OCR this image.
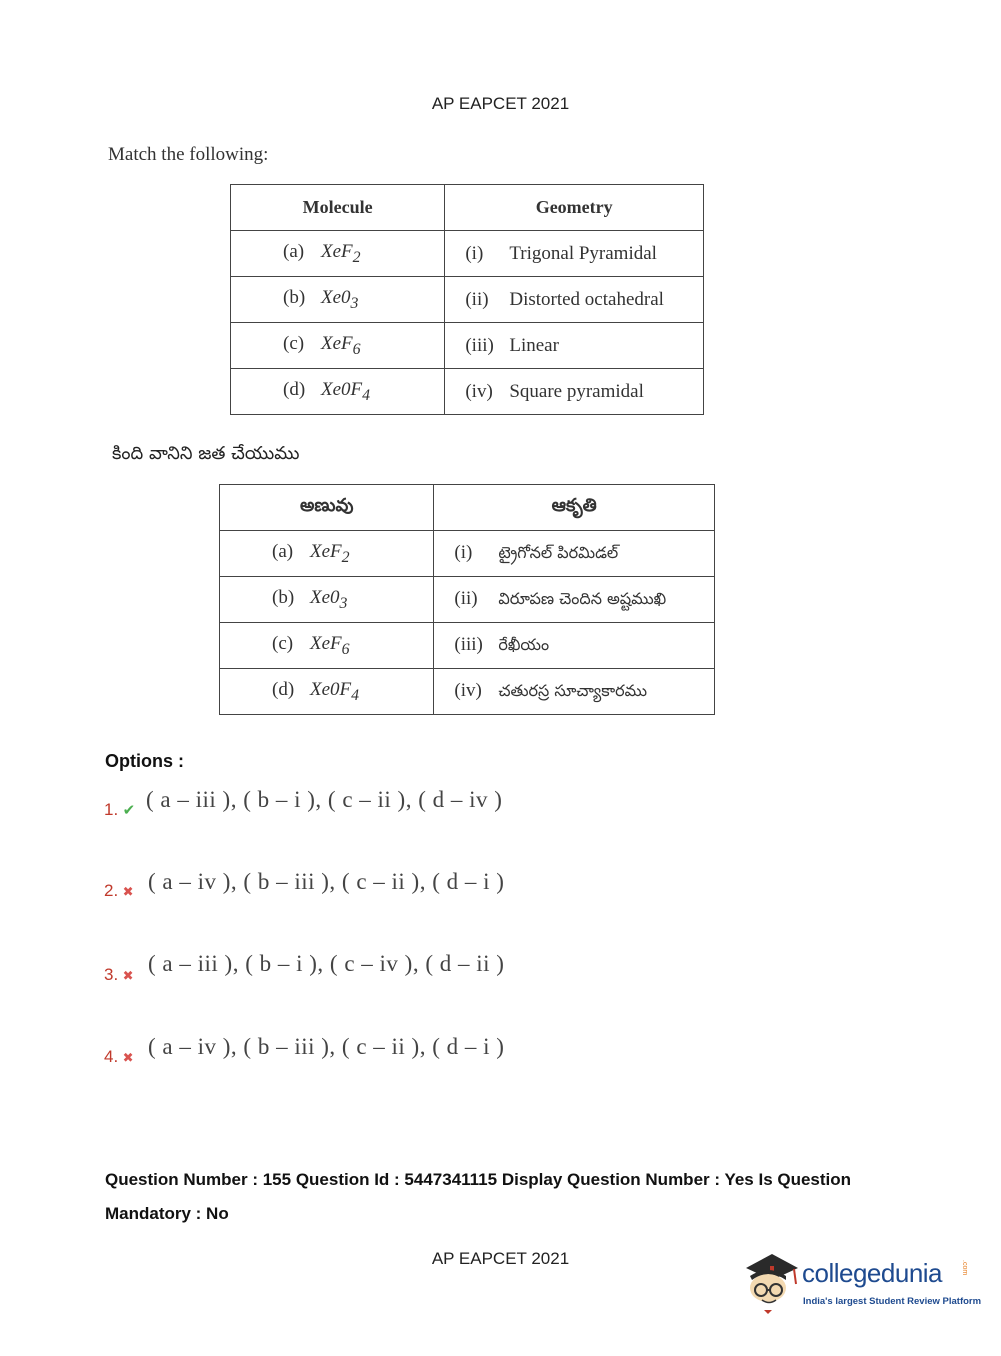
AP EAPCET 2021
Match the following:
Molecule	Geometry
(a) XeF$_2$	(i) Trigonal Pyramidal
(b) $Xe0_3$	(ii) Distorted octahedral
(c) XeF$_6$	(iii) Linear
(d) $Xe0F_4$	(iv) Square pyramidal
కింది వానిని జత చేయుము
అణువు	ఆకృతి
(a) XeF$_2$	(i) ట్రైగోనల్ పిరమిడల్
(b) $Xe0_3$	(ii) విరూపణ చెందిన అష్టముఖి
(c) XeF$_6$	(iii) రేఖీయం
(d) $Xe0F_4$	(iv) చతురస్ర సూచ్యాకారము
Options :
1. ✔ ( a – iii ), ( b – i ), ( c – ii ), ( d – iv )
2. ✖ ( a – iv ), ( b – iii ), ( c – ii ), ( d – i )
3. ✖ ( a – iii ), ( b – i ), ( c – iv ), ( d – ii )
4. ✖ ( a – iv ), ( b – iii ), ( c – ii ), ( d – i )
Question Number : 155 Question Id : 5447341115 Display Question Number : Yes Is Question
Mandatory : No
AP EAPCET 2021	collegedunia	.com
India's largest Student Review Platform
